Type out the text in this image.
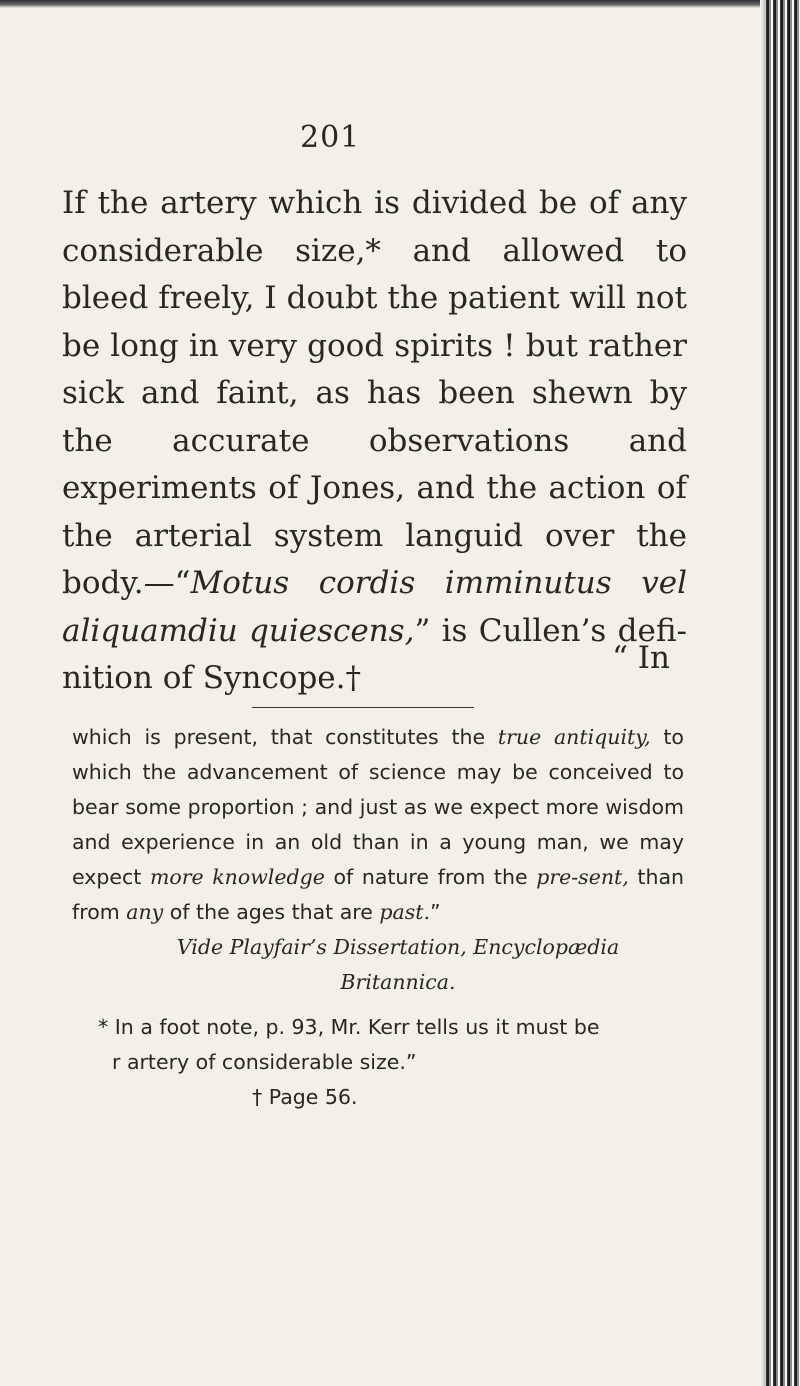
201

If the artery which is divided be of any considerable size,* and allowed to bleed freely, I doubt the patient will not be long in very good spirits ! but rather sick and faint, as has been shewn by the accurate observations and experiments of Jones, and the action of the arterial system languid over the body.—“Motus cordis imminutus vel aliquamdiu quiescens,” is Cullen’s defi-nition of Syncope.†

“ In

which is present, that constitutes the true antiquity, to which the advancement of science may be conceived to bear some proportion ; and just as we expect more wisdom and experience in an old than in a young man, we may expect more knowledge of nature from the pre-sent, than from any of the ages that are past.”

Vide Playfair’s Dissertation, Encyclopædia

Britannica.

* In a foot note, p. 93, Mr. Kerr tells us it must be

r artery of considerable size.”

† Page 56.
